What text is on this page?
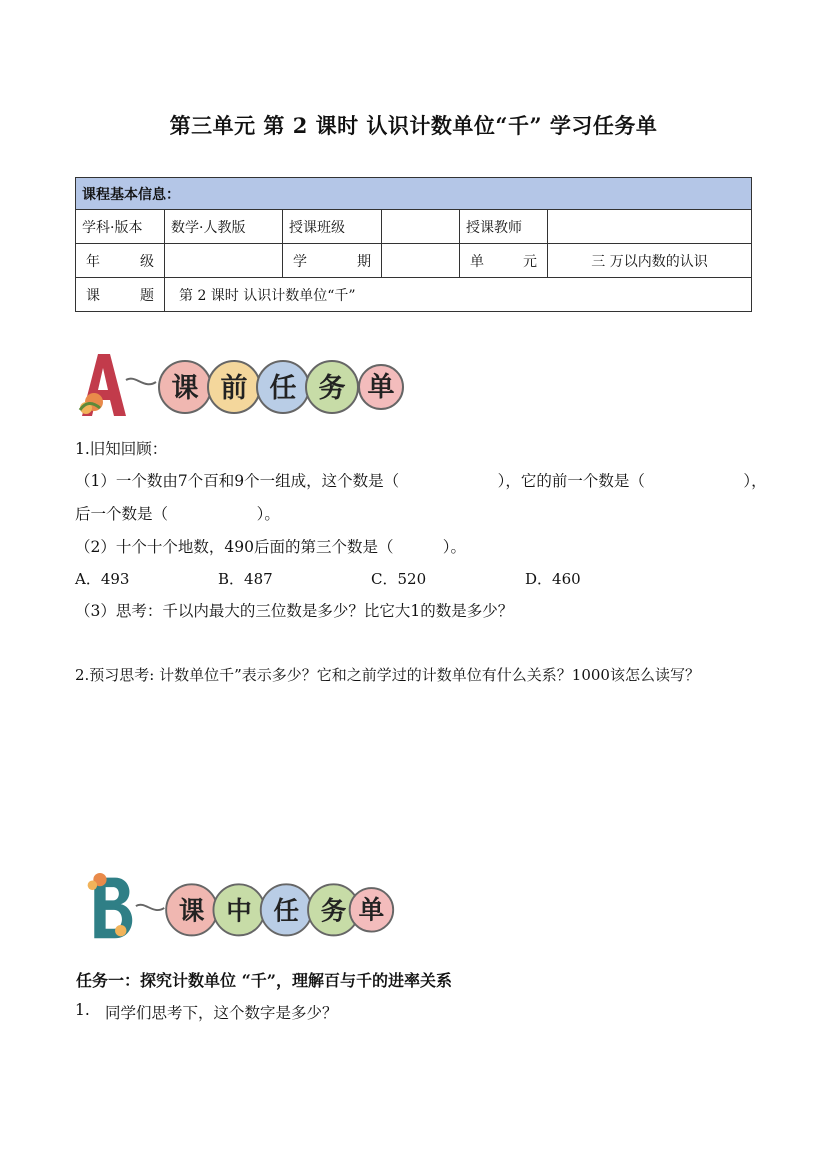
第三单元 第 2 课时 认识计数单位“千” 学习任务单
课程基本信息：					
学科·版本	数学·人教版	授课班级		授课教师	

年 级		学 期		单 元	三 万以内数的认识

课 题	第 2 课时 认识计数单位“千”				
课 前 任 务 单
1.旧知回顾：
（1）一个数由7个百和9个一组成，这个数是（                    ），它的前一个数是（                    ），
后一个数是（                  ）。
（2）十个十个地数，490后面的第三个数是（          ）。
A．493	B．487	C．520	D．460
（3）思考：千以内最大的三位数是多少？比它大1的数是多少？
2.预习思考: 计数单位千”表示多少？它和之前学过的计数单位有什么关系？1000该怎么读写？
课 中 任 务 单
任务一：探究计数单位 “千”，理解百与千的进率关系
1. 同学们思考下，这个数字是多少？
